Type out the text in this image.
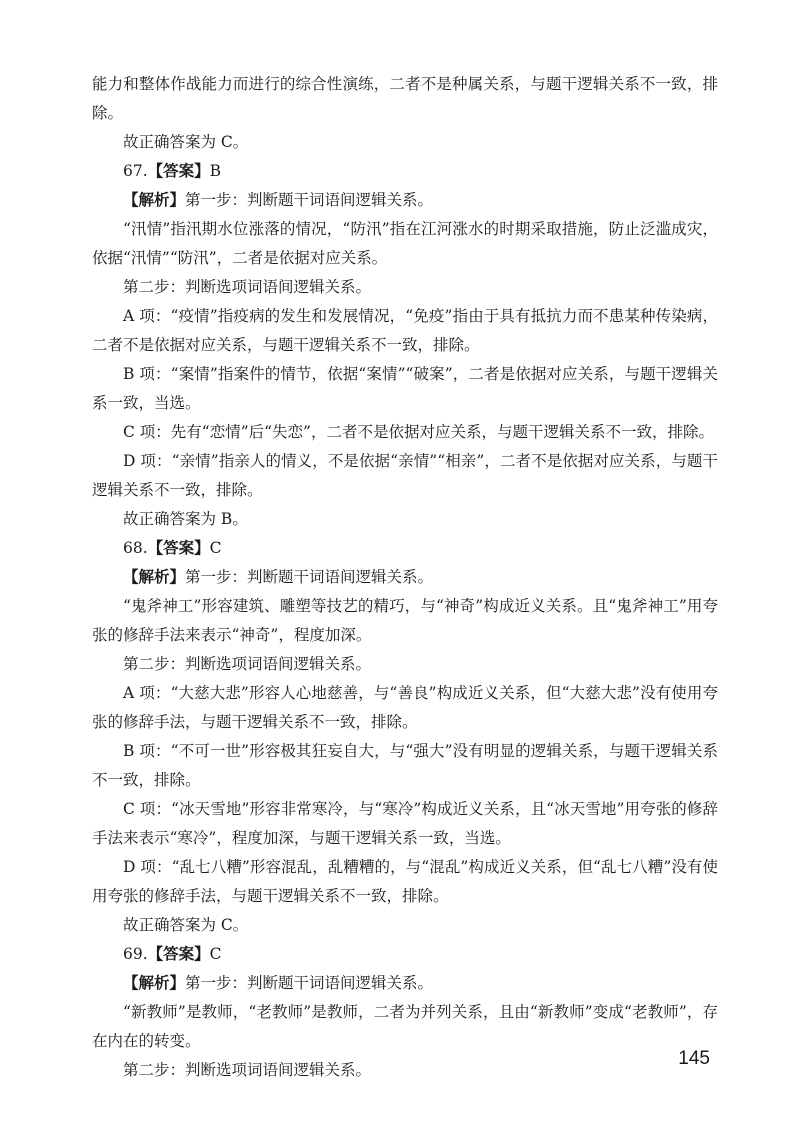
能力和整体作战能力而进行的综合性演练，二者不是种属关系，与题干逻辑关系不一致，排除。

故正确答案为 C。

67.【答案】B

【解析】第一步：判断题干词语间逻辑关系。

“汛情”指汛期水位涨落的情况，“防汛”指在江河涨水的时期采取措施，防止泛滥成灾，依据“汛情”“防汛”，二者是依据对应关系。

第二步：判断选项词语间逻辑关系。

A 项：“疫情”指疫病的发生和发展情况，“免疫”指由于具有抵抗力而不患某种传染病，二者不是依据对应关系，与题干逻辑关系不一致，排除。

B 项：“案情”指案件的情节，依据“案情”“破案”，二者是依据对应关系，与题干逻辑关系一致，当选。

C 项：先有“恋情”后“失恋”，二者不是依据对应关系，与题干逻辑关系不一致，排除。

D 项：“亲情”指亲人的情义，不是依据“亲情”“相亲”，二者不是依据对应关系，与题干逻辑关系不一致，排除。

故正确答案为 B。

68.【答案】C

【解析】第一步：判断题干词语间逻辑关系。

“鬼斧神工”形容建筑、雕塑等技艺的精巧，与“神奇”构成近义关系。且“鬼斧神工”用夸张的修辞手法来表示“神奇”，程度加深。

第二步：判断选项词语间逻辑关系。

A 项：“大慈大悲”形容人心地慈善，与“善良”构成近义关系，但“大慈大悲”没有使用夸张的修辞手法，与题干逻辑关系不一致，排除。

B 项：“不可一世”形容极其狂妄自大，与“强大”没有明显的逻辑关系，与题干逻辑关系不一致，排除。

C 项：“冰天雪地”形容非常寒冷，与“寒冷”构成近义关系，且“冰天雪地”用夸张的修辞手法来表示“寒冷”，程度加深，与题干逻辑关系一致，当选。

D 项：“乱七八糟”形容混乱，乱糟糟的，与“混乱”构成近义关系，但“乱七八糟”没有使用夸张的修辞手法，与题干逻辑关系不一致，排除。

故正确答案为 C。

69.【答案】C

【解析】第一步：判断题干词语间逻辑关系。

“新教师”是教师，“老教师”是教师，二者为并列关系，且由“新教师”变成“老教师”，存在内在的转变。

第二步：判断选项词语间逻辑关系。

145
